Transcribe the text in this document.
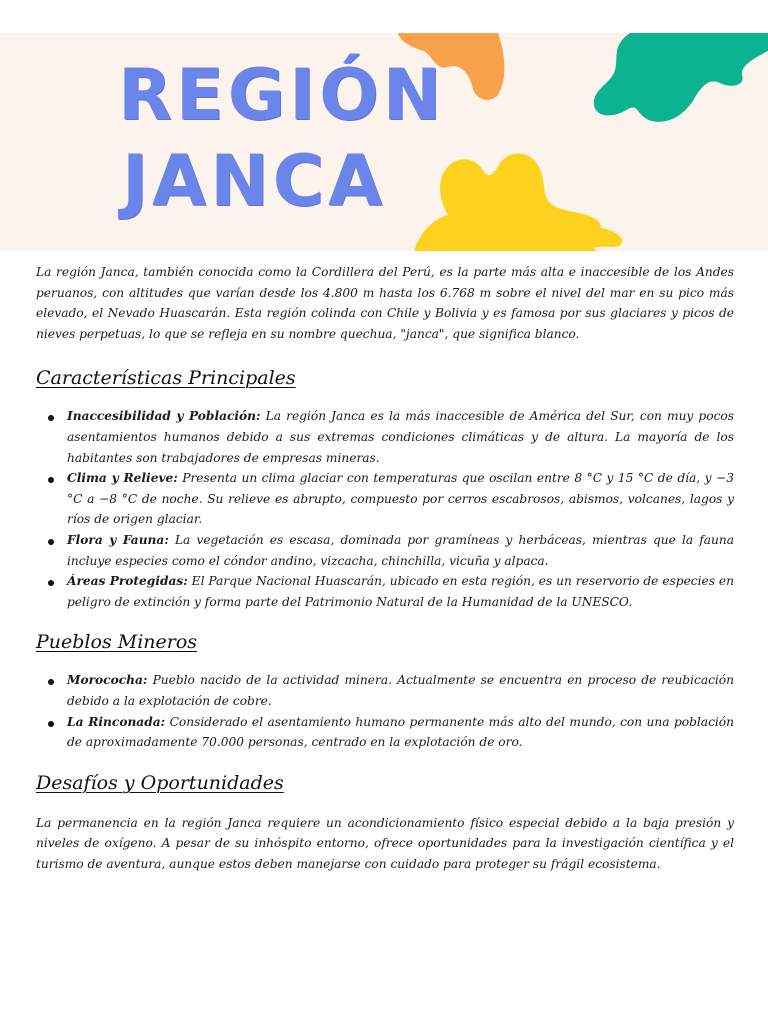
REGIÓN
JANCA

La región Janca, también conocida como la Cordillera del Perú, es la parte más alta e inaccesible de los Andes peruanos, con altitudes que varían desde los 4.800 m hasta los 6.768 m sobre el nivel del mar en su pico más elevado, el Nevado Huascarán. Esta región colinda con Chile y Bolivia y es famosa por sus glaciares y picos de nieves perpetuas, lo que se refleja en su nombre quechua, "janca", que significa blanco.

Características Principales
Inaccesibilidad y Población: La región Janca es la más inaccesible de América del Sur, con muy pocos asentamientos humanos debido a sus extremas condiciones climáticas y de altura. La mayoría de los habitantes son trabajadores de empresas mineras.
Clima y Relieve: Presenta un clima glaciar con temperaturas que oscilan entre 8 °C y 15 °C de día, y −3 °C a −8 °C de noche. Su relieve es abrupto, compuesto por cerros escabrosos, abismos, volcanes, lagos y ríos de origen glaciar.
Flora y Fauna: La vegetación es escasa, dominada por gramíneas y herbáceas, mientras que la fauna incluye especies como el cóndor andino, vizcacha, chinchilla, vicuña y alpaca.
Áreas Protegidas: El Parque Nacional Huascarán, ubicado en esta región, es un reservorio de especies en peligro de extinción y forma parte del Patrimonio Natural de la Humanidad de la UNESCO.
Pueblos Mineros
Morococha: Pueblo nacido de la actividad minera. Actualmente se encuentra en proceso de reubicación debido a la explotación de cobre.
La Rinconada: Considerado el asentamiento humano permanente más alto del mundo, con una población de aproximadamente 70.000 personas, centrado en la explotación de oro.
Desafíos y Oportunidades

La permanencia en la región Janca requiere un acondicionamiento físico especial debido a la baja presión y niveles de oxígeno. A pesar de su inhóspito entorno, ofrece oportunidades para la investigación científica y el turismo de aventura, aunque estos deben manejarse con cuidado para proteger su frágil ecosistema.
